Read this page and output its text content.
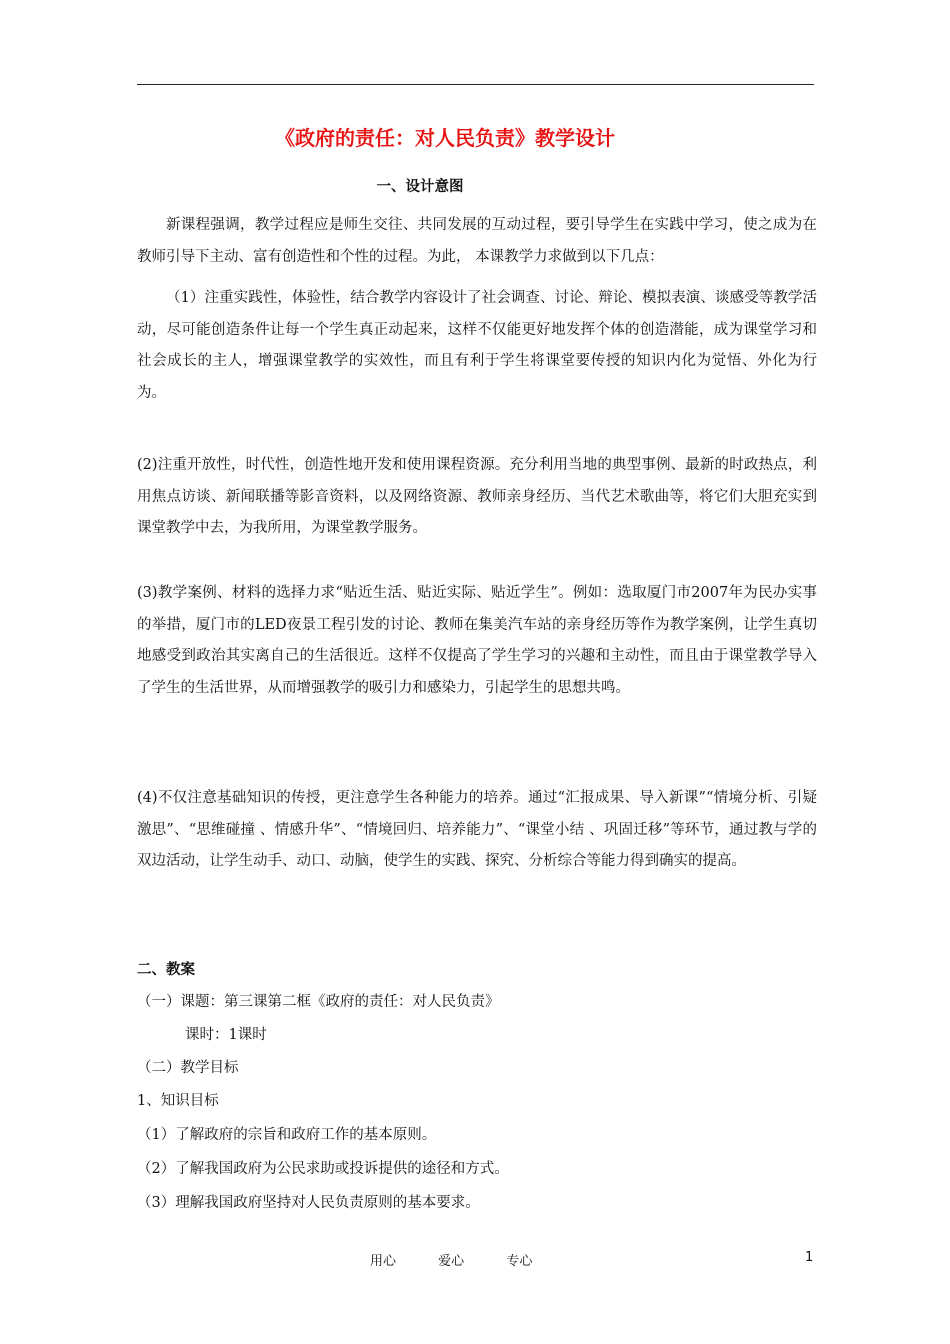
《政府的责任：对人民负责》教学设计
一、设计意图
新课程强调，教学过程应是师生交往、共同发展的互动过程，要引导学生在实践中学习，使之成为在教师引导下主动、富有创造性和个性的过程。为此， 本课教学力求做到以下几点：
（1）注重实践性，体验性，结合教学内容设计了社会调查、讨论、辩论、模拟表演、谈感受等教学活动，尽可能创造条件让每一个学生真正动起来，这样不仅能更好地发挥个体的创造潜能，成为课堂学习和社会成长的主人，增强课堂教学的实效性，而且有利于学生将课堂要传授的知识内化为觉悟、外化为行为。
(2)注重开放性，时代性，创造性地开发和使用课程资源。充分利用当地的典型事例、最新的时政热点，利用焦点访谈、新闻联播等影音资料，以及网络资源、教师亲身经历、当代艺术歌曲等，将它们大胆充实到课堂教学中去，为我所用，为课堂教学服务。
(3)教学案例、材料的选择力求“贴近生活、贴近实际、贴近学生”。例如：选取厦门市2007年为民办实事的举措，厦门市的LED夜景工程引发的讨论、教师在集美汽车站的亲身经历等作为教学案例，让学生真切地感受到政治其实离自己的生活很近。这样不仅提高了学生学习的兴趣和主动性，而且由于课堂教学导入了学生的生活世界，从而增强教学的吸引力和感染力，引起学生的思想共鸣。
(4)不仅注意基础知识的传授，更注意学生各种能力的培养。通过“汇报成果、导入新课”“情境分析、引疑激思”、“思维碰撞 、情感升华”、“情境回归、培养能力”、“课堂小结 、巩固迁移”等环节，通过教与学的双边活动，让学生动手、动口、动脑，使学生的实践、探究、分析综合等能力得到确实的提高。
二、教案
（一）课题：第三课第二框《政府的责任：对人民负责》
课时：1课时
（二）教学目标
1、知识目标
（1）了解政府的宗旨和政府工作的基本原则。
（2）了解我国政府为公民求助或投诉提供的途径和方式。
（3）理解我国政府坚持对人民负责原则的基本要求。
用心	爱心	专心	1
